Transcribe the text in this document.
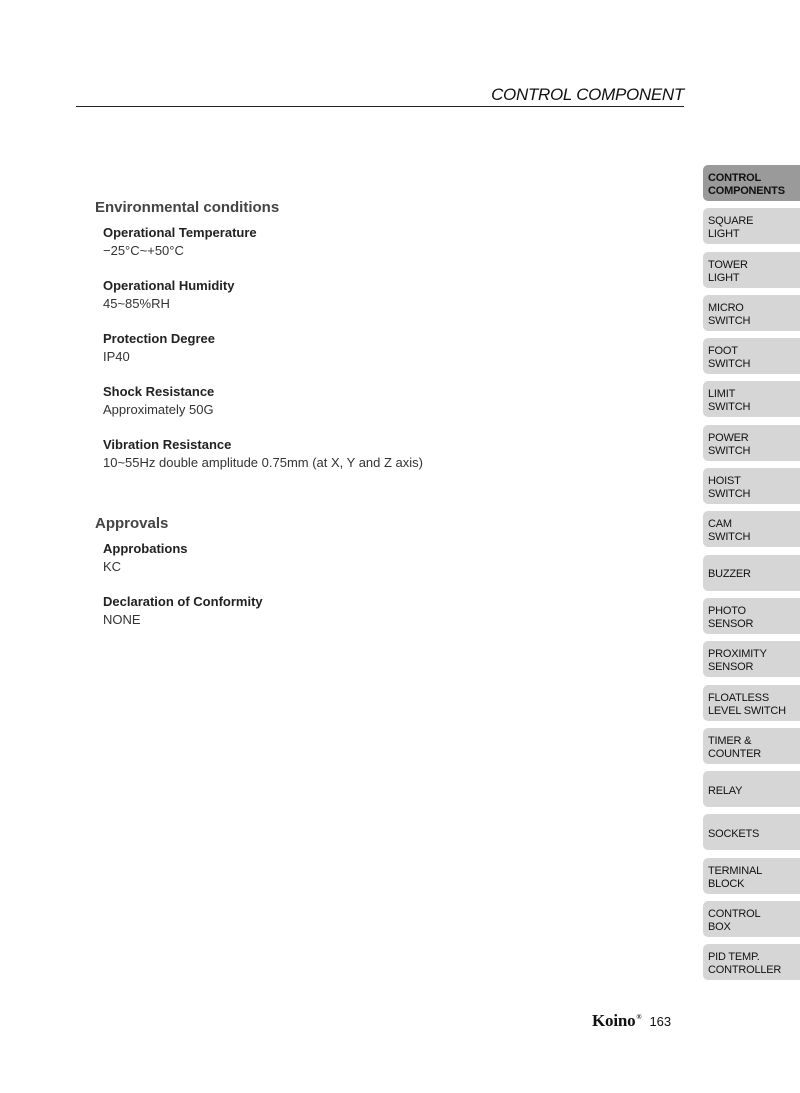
CONTROL COMPONENT
Environmental conditions
Operational Temperature
−25°C~+50°C
Operational Humidity
45~85%RH
Protection Degree
IP40
Shock Resistance
Approximately 50G
Vibration Resistance
10~55Hz double amplitude 0.75mm (at X, Y and Z axis)
Approvals
Approbations
KC
Declaration of Conformity
NONE
CONTROL
COMPONENTS
SQUARE
LIGHT
TOWER
LIGHT
MICRO
SWITCH
FOOT
SWITCH
LIMIT
SWITCH
POWER
SWITCH
HOIST
SWITCH
CAM
SWITCH
BUZZER
PHOTO
SENSOR
PROXIMITY
SENSOR
FLOATLESS
LEVEL SWITCH
TIMER &
COUNTER
RELAY
SOCKETS
TERMINAL
BLOCK
CONTROL
BOX
PID TEMP.
CONTROLLER
Koino® 163
